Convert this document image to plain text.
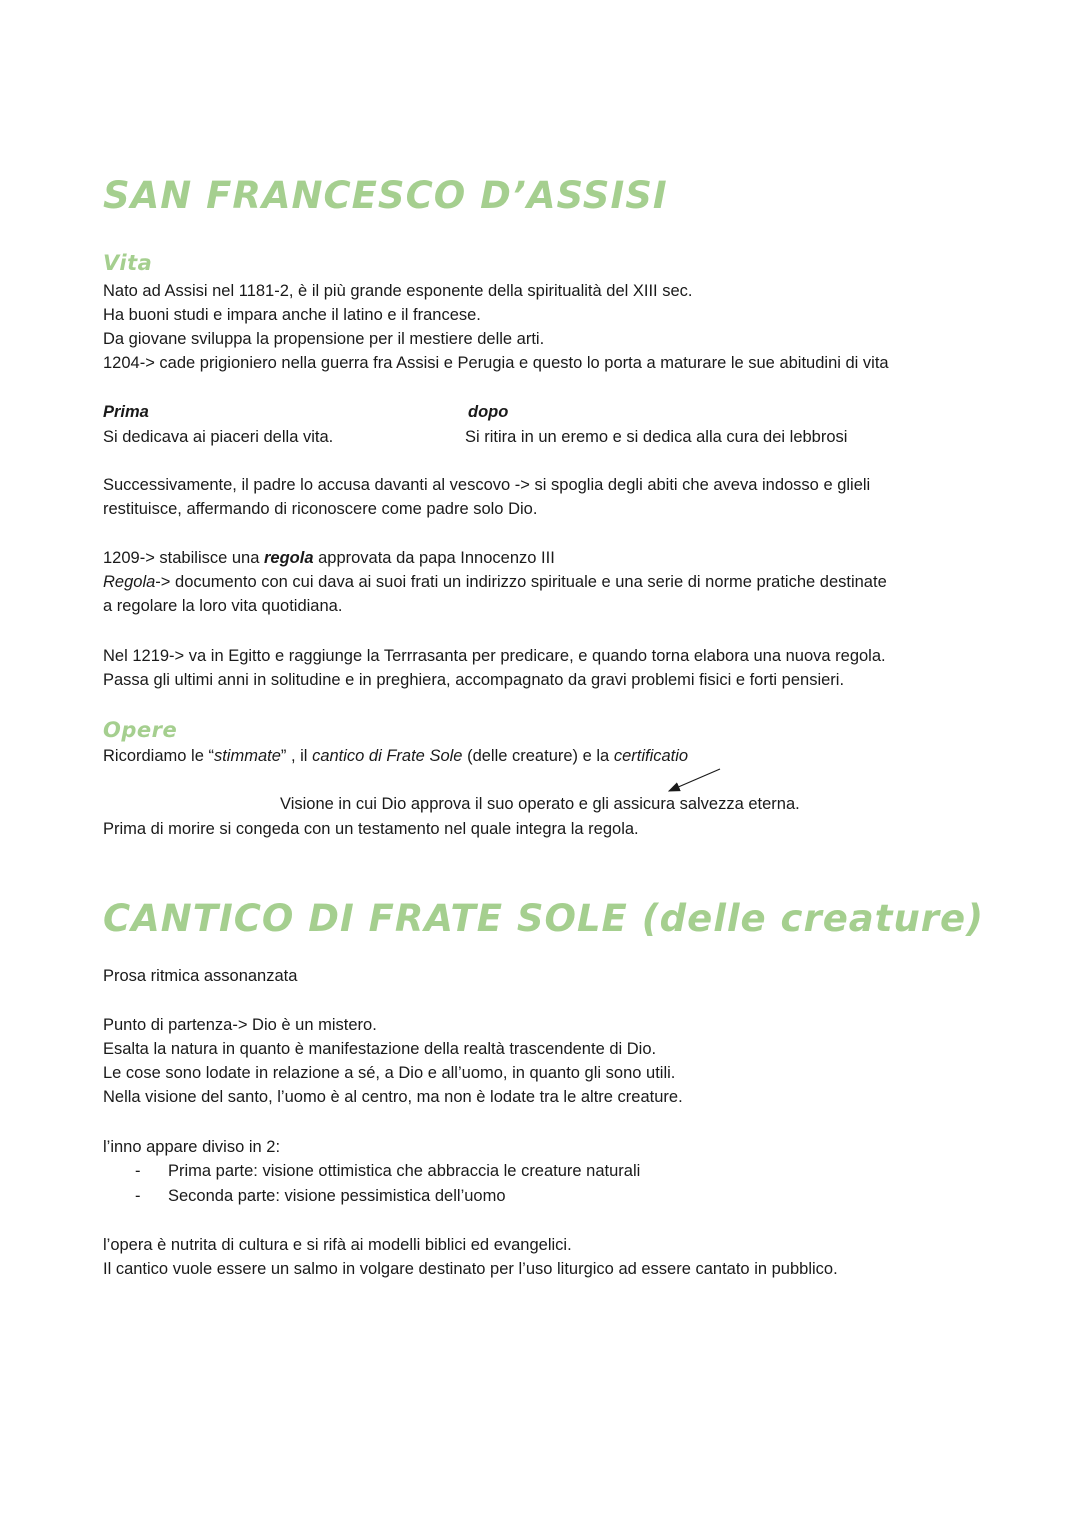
SAN FRANCESCO D’ASSISI
Vita

Nato ad Assisi nel 1181-2, è il più grande esponente della spiritualità del XIII sec.

Ha buoni studi e impara anche il latino e il francese.

Da giovane sviluppa la propensione per il mestiere delle arti.

1204-> cade prigioniero nella guerra fra Assisi e Perugia e questo lo porta a maturare le sue abitudini di vita

Prima	dopo

Si dedicava ai piaceri della vita.	Si ritira in un eremo e si dedica alla cura dei lebbrosi

Successivamente, il padre lo accusa davanti al vescovo -> si spoglia degli abiti che aveva indosso e glieli

restituisce, affermando di riconoscere come padre solo Dio.

1209-> stabilisce una regola approvata da papa Innocenzo III

Regola-> documento con cui dava ai suoi frati un indirizzo spirituale e una serie di norme pratiche destinate

a regolare la loro vita quotidiana.

Nel 1219-> va in Egitto e raggiunge la Terrrasanta per predicare, e quando torna elabora una nuova regola.

Passa gli ultimi anni in solitudine e in preghiera, accompagnato da gravi problemi fisici e forti pensieri.

Opere

Ricordiamo le “stimmate” , il cantico di Frate Sole (delle creature) e la certificatio

Visione in cui Dio approva il suo operato e gli assicura salvezza eterna.

Prima di morire si congeda con un testamento nel quale integra la regola.

CANTICO DI FRATE SOLE (delle creature)

Prosa ritmica assonanzata

Punto di partenza-> Dio è un mistero.

Esalta la natura in quanto è manifestazione della realtà trascendente di Dio.

Le cose sono lodate in relazione a sé, a Dio e all’uomo, in quanto gli sono utili.

Nella visione del santo, l’uomo è al centro, ma non è lodate tra le altre creature.

l’inno appare diviso in 2:

- Prima parte: visione ottimistica che abbraccia le creature naturali
- Seconda parte: visione pessimistica dell’uomo

l’opera è nutrita di cultura e si rifà ai modelli biblici ed evangelici.

Il cantico vuole essere un salmo in volgare destinato per l’uso liturgico ad essere cantato in pubblico.
